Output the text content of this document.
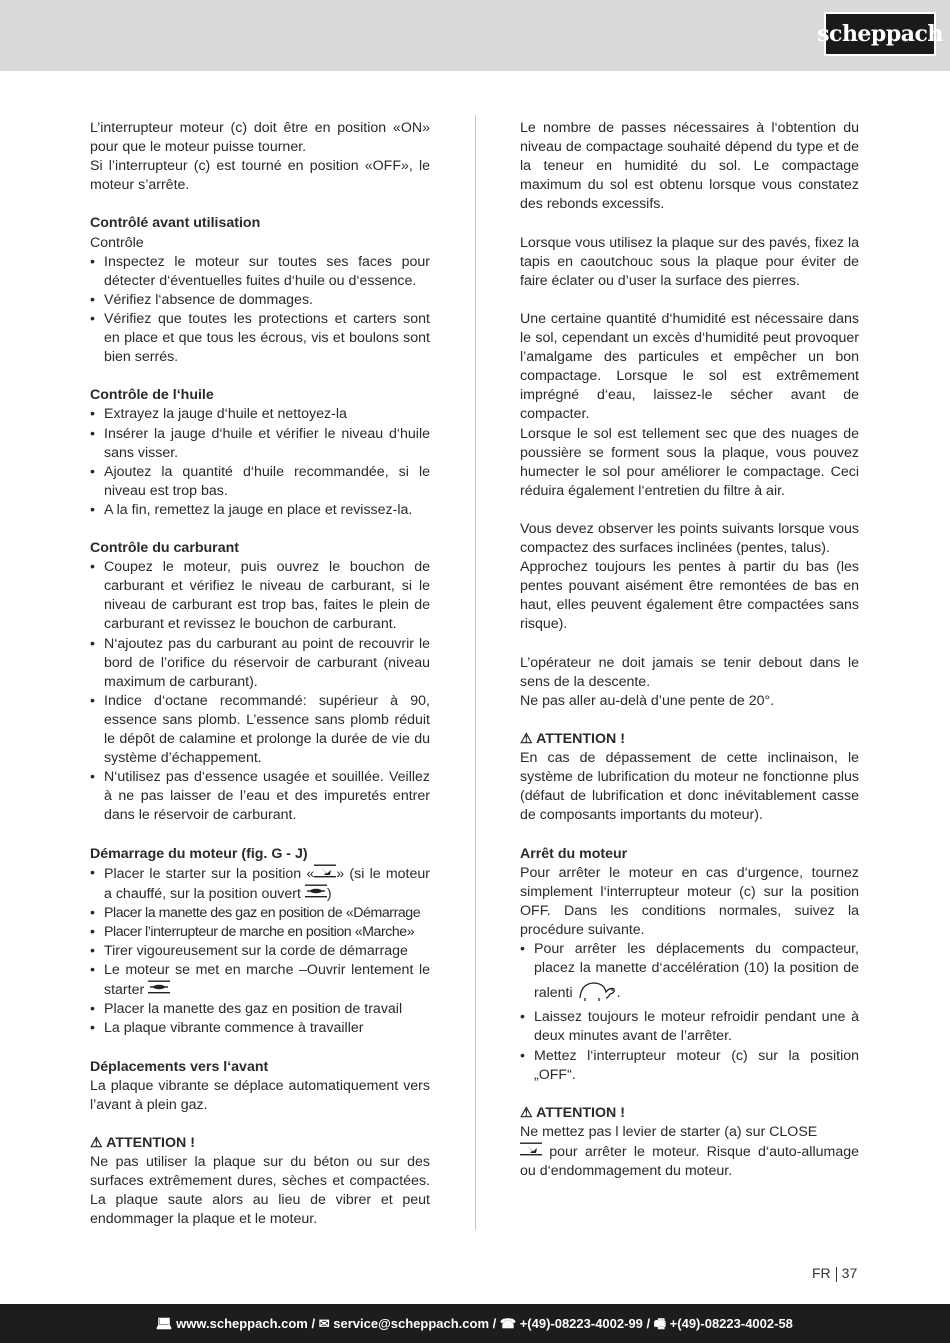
scheppach

L’interrupteur moteur (c) doit être en position «ON» pour que le moteur puisse tourner.

Si l’interrupteur (c) est tourné en position «OFF», le moteur s’arrête.

Contrôlé avant utilisation

Contrôle

• Inspectez le moteur sur toutes ses faces pour détecter d‘éventuelles fuites d‘huile ou d‘essence.
• Vérifiez l‘absence de dommages.
• Vérifiez que toutes les protections et carters sont en place et que tous les écrous, vis et boulons sont bien serrés.

Contrôle de l‘huile

• Extrayez la jauge d‘huile et nettoyez-la
• Insérer la jauge d‘huile et vérifier le niveau d‘huile sans visser.
• Ajoutez la quantité d‘huile recommandée, si le niveau est trop bas.
• A la fin, remettez la jauge en place et revissez-la.

Contrôle du carburant

• Coupez le moteur, puis ouvrez le bouchon de carburant et vérifiez le niveau de carburant, si le niveau de carburant est trop bas, faites le plein de carburant et revissez le bouchon de carburant.
• N‘ajoutez pas du carburant au point de recouvrir le bord de l’orifice du réservoir de carburant (niveau maximum de carburant).
• Indice d‘octane recommandé: supérieur à 90, essence sans plomb. L’essence sans plomb réduit le dépôt de calamine et prolonge la durée de vie du système d’échappement.
• N‘utilisez pas d‘essence usagée et souillée. Veillez à ne pas laisser de l’eau et des impuretés entrer dans le réservoir de carburant.

Démarrage du moteur (fig. G - J)

• Placer le starter sur la position « » (si le moteur a chauffé, sur la position ouvert )
• Placer la manette des gaz en position de «Démarrage
• Placer l’interrupteur de marche en position «Marche»
• Tirer vigoureusement sur la corde de démarrage
• Le moteur se met en marche –Ouvrir lentement le starter
• Placer la manette des gaz en position de travail
• La plaque vibrante commence à travailler

Déplacements vers l‘avant

La plaque vibrante se déplace automatiquement vers l’avant à plein gaz.

⚠ ATTENTION !

Ne pas utiliser la plaque sur du béton ou sur des surfaces extrêmement dures, sèches et compactées. La plaque saute alors au lieu de vibrer et peut endommager la plaque et le moteur.

Le nombre de passes nécessaires à l‘obtention du niveau de compactage souhaité dépend du type et de la teneur en humidité du sol. Le compactage maximum du sol est obtenu lorsque vous constatez des rebonds excessifs.

Lorsque vous utilisez la plaque sur des pavés, fixez la tapis en caoutchouc sous la plaque pour éviter de faire éclater ou d’user la surface des pierres.

Une certaine quantité d‘humidité est nécessaire dans le sol, cependant un excès d‘humidité peut provoquer l’amalgame des particules et empêcher un bon compactage. Lorsque le sol est extrêmement imprégné d‘eau, laissez-le sécher avant de compacter.

Lorsque le sol est tellement sec que des nuages de poussière se forment sous la plaque, vous pouvez humecter le sol pour améliorer le compactage. Ceci réduira également l‘entretien du filtre à air.

Vous devez observer les points suivants lorsque vous compactez des surfaces inclinées (pentes, talus).

Approchez toujours les pentes à partir du bas (les pentes pouvant aisément être remontées de bas en haut, elles peuvent également être compactées sans risque).

L’opérateur ne doit jamais se tenir debout dans le sens de la descente.

Ne pas aller au-delà d’une pente de 20°.

⚠ ATTENTION !

En cas de dépassement de cette inclinaison, le système de lubrification du moteur ne fonctionne plus (défaut de lubrification et donc inévitablement casse de composants importants du moteur).

Arrêt du moteur

Pour arrêter le moteur en cas d‘urgence, tournez simplement l‘interrupteur moteur (c) sur la position OFF. Dans les conditions normales, suivez la procédure suivante.

• Pour arrêter les déplacements du compacteur, placez la manette d‘accélération (10) la position de ralenti	.
• Laissez toujours le moteur refroidir pendant une à deux minutes avant de l’arrêter.
• Mettez l‘interrupteur moteur (c) sur la position „OFF“.

⚠ ATTENTION !

Ne mettez pas l levier de starter (a) sur CLOSE
pour arrêter le moteur. Risque d‘auto-allumage ou d‘endommagement du moteur.

FR 37
💻︎ www.scheppach.com / ✉︎ service@scheppach.com / ☎︎ +(49)-08223-4002-99 / 🖷︎ +(49)-08223-4002-58
